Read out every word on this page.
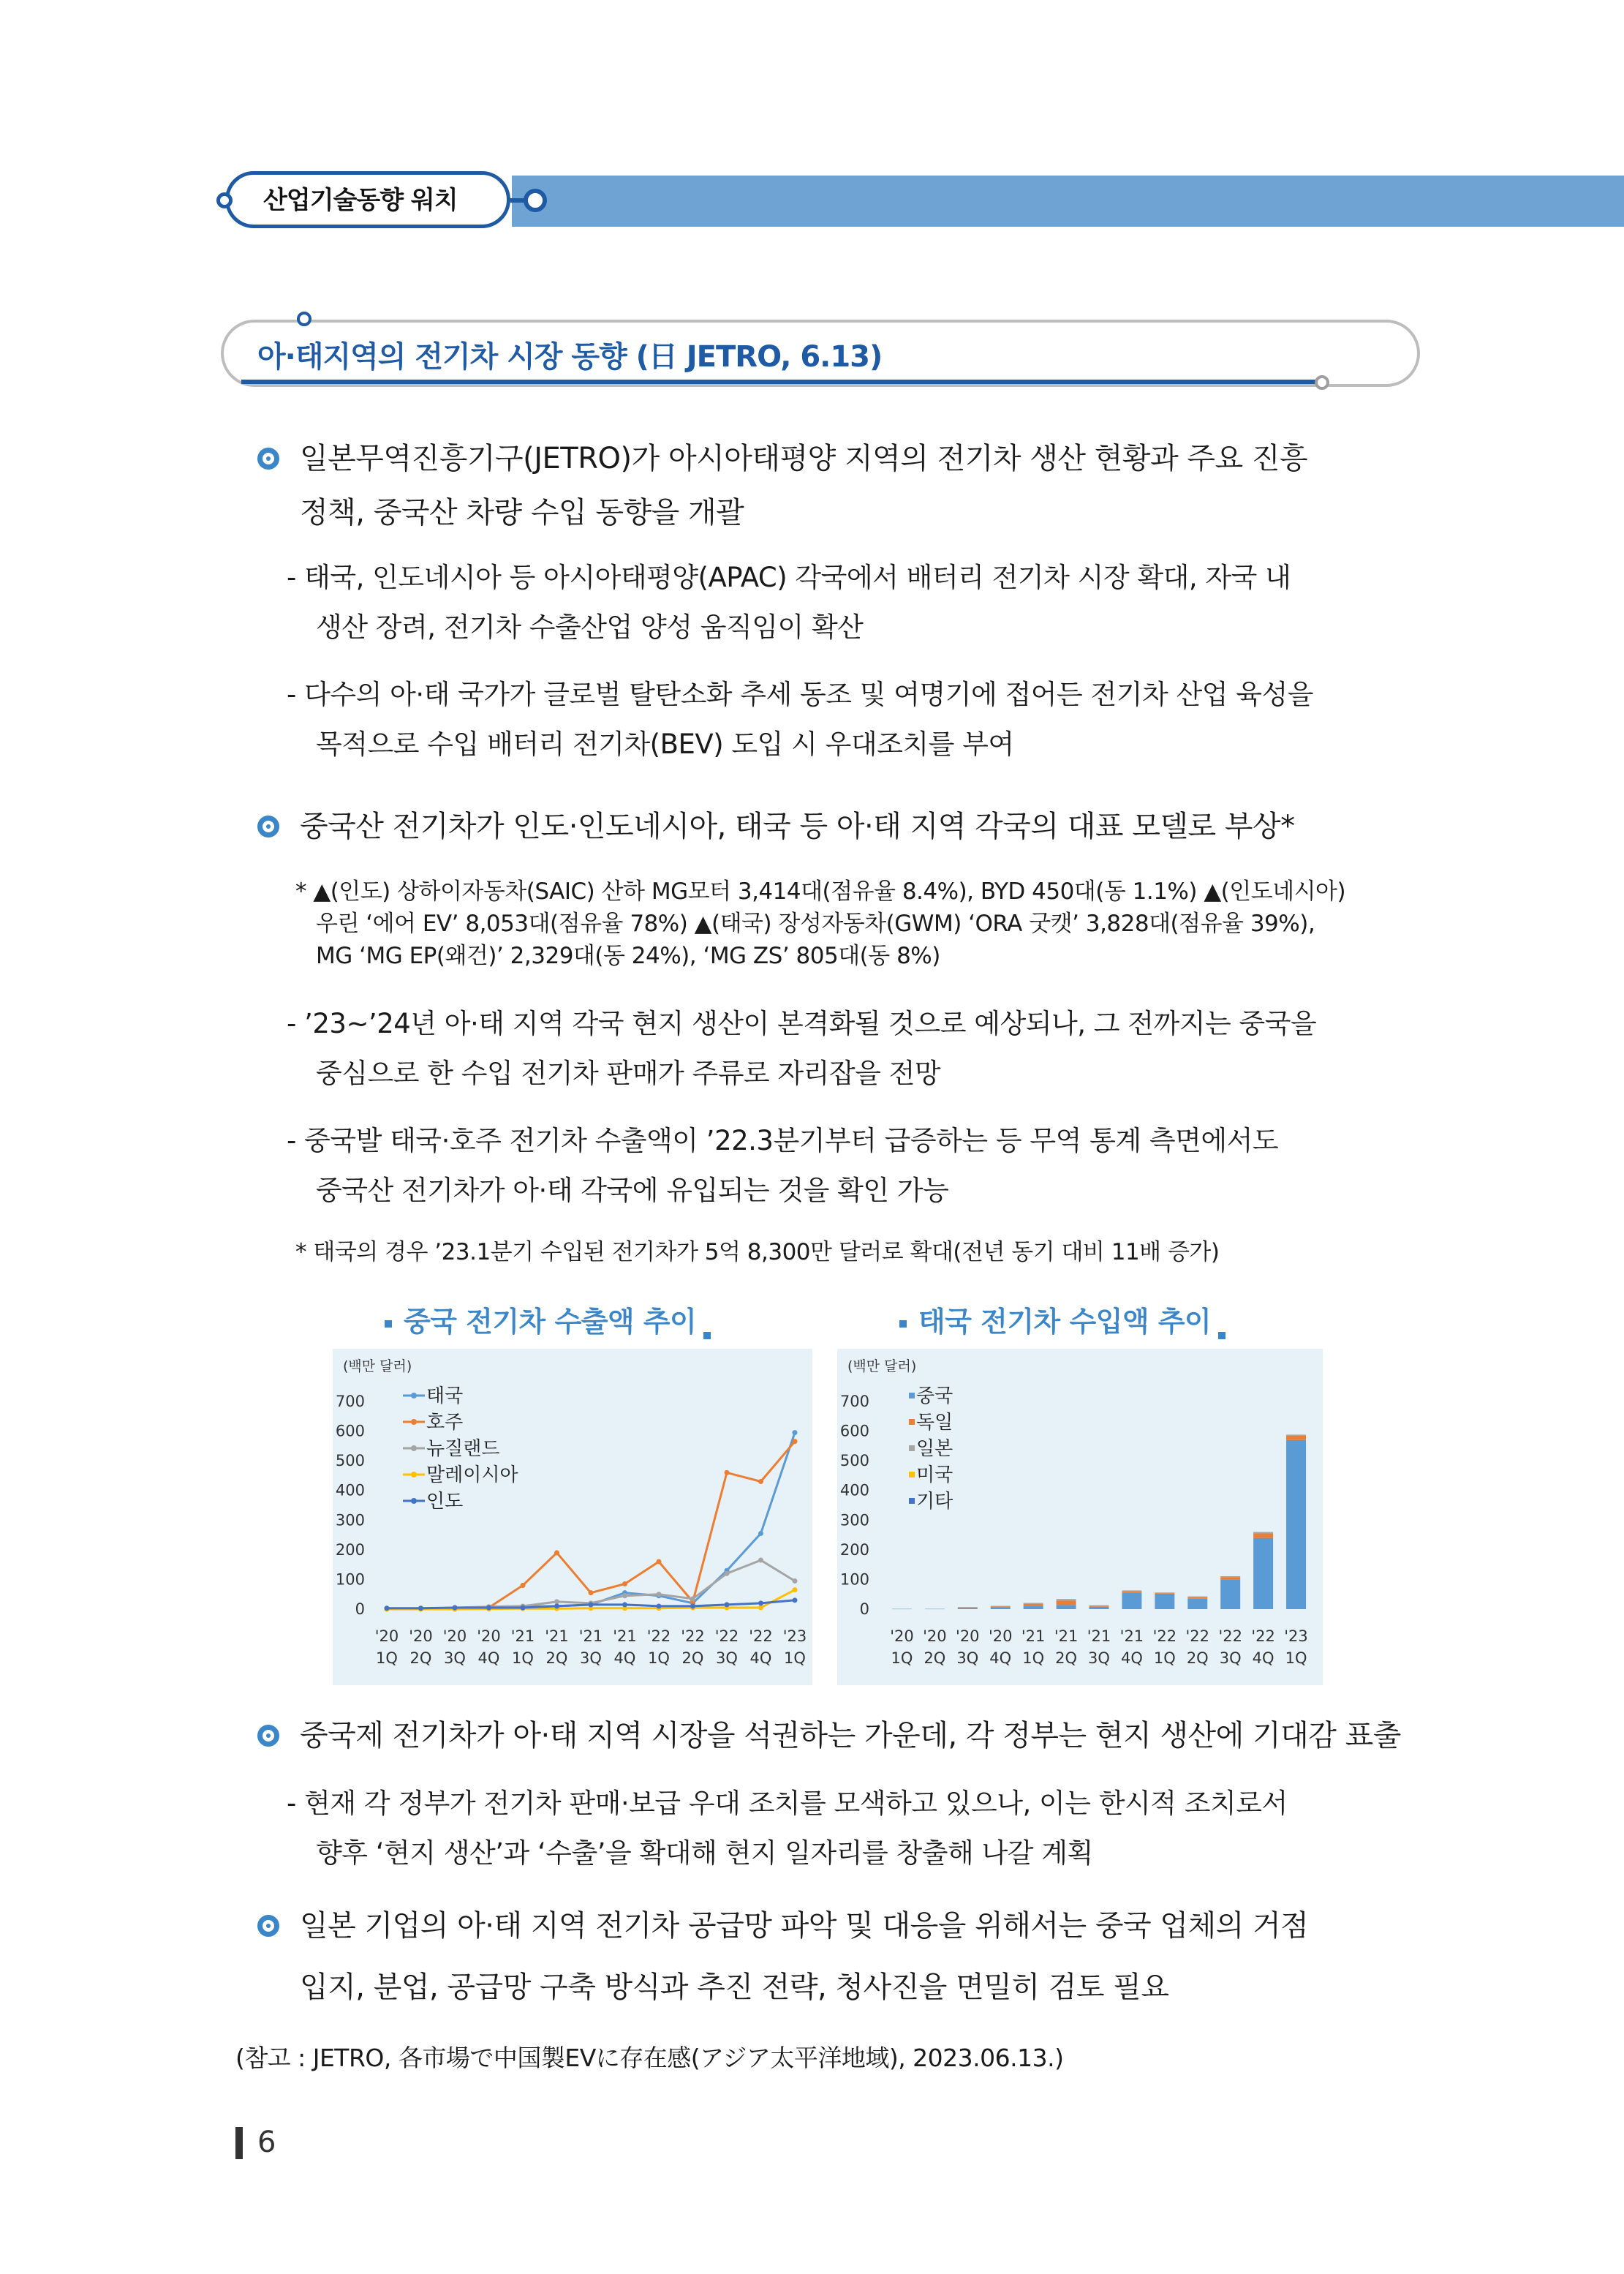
산업기술동향 워치
아·태지역의 전기차 시장 동향 (日 JETRO, 6.13)
일본무역진흥기구(JETRO)가 아시아태평양 지역의 전기차 생산 현황과 주요 진흥
정책, 중국산 차량 수입 동향을 개괄
- 태국, 인도네시아 등 아시아태평양(APAC) 각국에서 배터리 전기차 시장 확대, 자국 내
생산 장려, 전기차 수출산업 양성 움직임이 확산
- 다수의 아·태 국가가 글로벌 탈탄소화 추세 동조 및 여명기에 접어든 전기차 산업 육성을
목적으로 수입 배터리 전기차(BEV) 도입 시 우대조치를 부여
중국산 전기차가 인도·인도네시아, 태국 등 아·태 지역 각국의 대표 모델로 부상*
* ▲(인도) 상하이자동차(SAIC) 산하 MG모터 3,414대(점유율 8.4%), BYD 450대(동 1.1%) ▲(인도네시아)
우린 ‘에어 EV’ 8,053대(점유율 78%) ▲(태국) 장성자동차(GWM) ‘ORA 굿캣’ 3,828대(점유율 39%),
MG ‘MG EP(왜건)’ 2,329대(동 24%), ‘MG ZS’ 805대(동 8%)
- ’23~’24년 아·태 지역 각국 현지 생산이 본격화될 것으로 예상되나, 그 전까지는 중국을
중심으로 한 수입 전기차 판매가 주류로 자리잡을 전망
- 중국발 태국·호주 전기차 수출액이 ’22.3분기부터 급증하는 등 무역 통계 측면에서도
중국산 전기차가 아·태 각국에 유입되는 것을 확인 가능
* 태국의 경우 ’23.1분기 수입된 전기차가 5억 8,300만 달러로 확대(전년 동기 대비 11배 증가)
중국 전기차 수출액 추이	태국 전기차 수입액 추이
(백만 달러)
0
100
200
300
400
500
600
700
'20
1Q
'20
2Q
'20
3Q
'20
4Q
'21
1Q
'21
2Q
'21
3Q
'21
4Q
'22
1Q
'22
2Q
'22
3Q
'22
4Q
'23
1Q
태국
호주
뉴질랜드
말레이시아
인도
(백만 달러)
0
100
200
300
400
500
600
700
'20
1Q
'20
2Q
'20
3Q
'20
4Q
'21
1Q
'21
2Q
'21
3Q
'21
4Q
'22
1Q
'22
2Q
'22
3Q
'22
4Q
'23
1Q
중국
독일
일본
미국
기타
중국제 전기차가 아·태 지역 시장을 석권하는 가운데, 각 정부는 현지 생산에 기대감 표출
- 현재 각 정부가 전기차 판매·보급 우대 조치를 모색하고 있으나, 이는 한시적 조치로서
향후 ‘현지 생산’과 ‘수출’을 확대해 현지 일자리를 창출해 나갈 계획
일본 기업의 아·태 지역 전기차 공급망 파악 및 대응을 위해서는 중국 업체의 거점
입지, 분업, 공급망 구축 방식과 추진 전략, 청사진을 면밀히 검토 필요
(참고 : JETRO, 各市場で中国製EVに存在感(アジア太平洋地域), 2023.06.13.)
6
